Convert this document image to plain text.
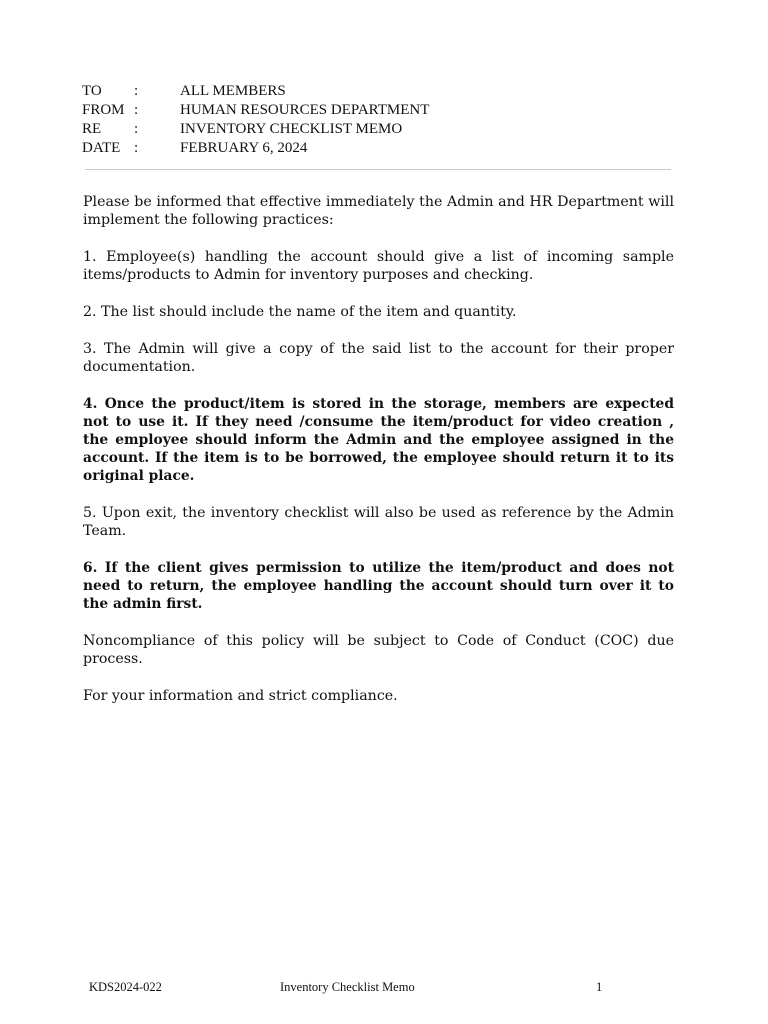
TO	:	ALL MEMBERS
FROM :	HUMAN RESOURCES DEPARTMENT
RE	:	INVENTORY CHECKLIST MEMO
DATE :	FEBRUARY 6, 2024

Please be informed that effective immediately the Admin and HR Department will implement the following practices:

1. Employee(s) handling the account should give a list of incoming sample items/products to Admin for inventory purposes and checking.

2. The list should include the name of the item and quantity.

3. The Admin will give a copy of the said list to the account for their proper documentation.

4. Once the product/item is stored in the storage, members are expected not to use it. If they need /consume the item/product for video creation , the employee should inform the Admin and the employee assigned in the account. If the item is to be borrowed, the employee should return it to its original place.

5. Upon exit, the inventory checklist will also be used as reference by the Admin Team.

6. If the client gives permission to utilize the item/product and does not need to return, the employee handling the account should turn over it to the admin first.

Noncompliance of this policy will be subject to Code of Conduct (COC) due process.

For your information and strict compliance.

KDS2024-022	Inventory Checklist Memo	1
